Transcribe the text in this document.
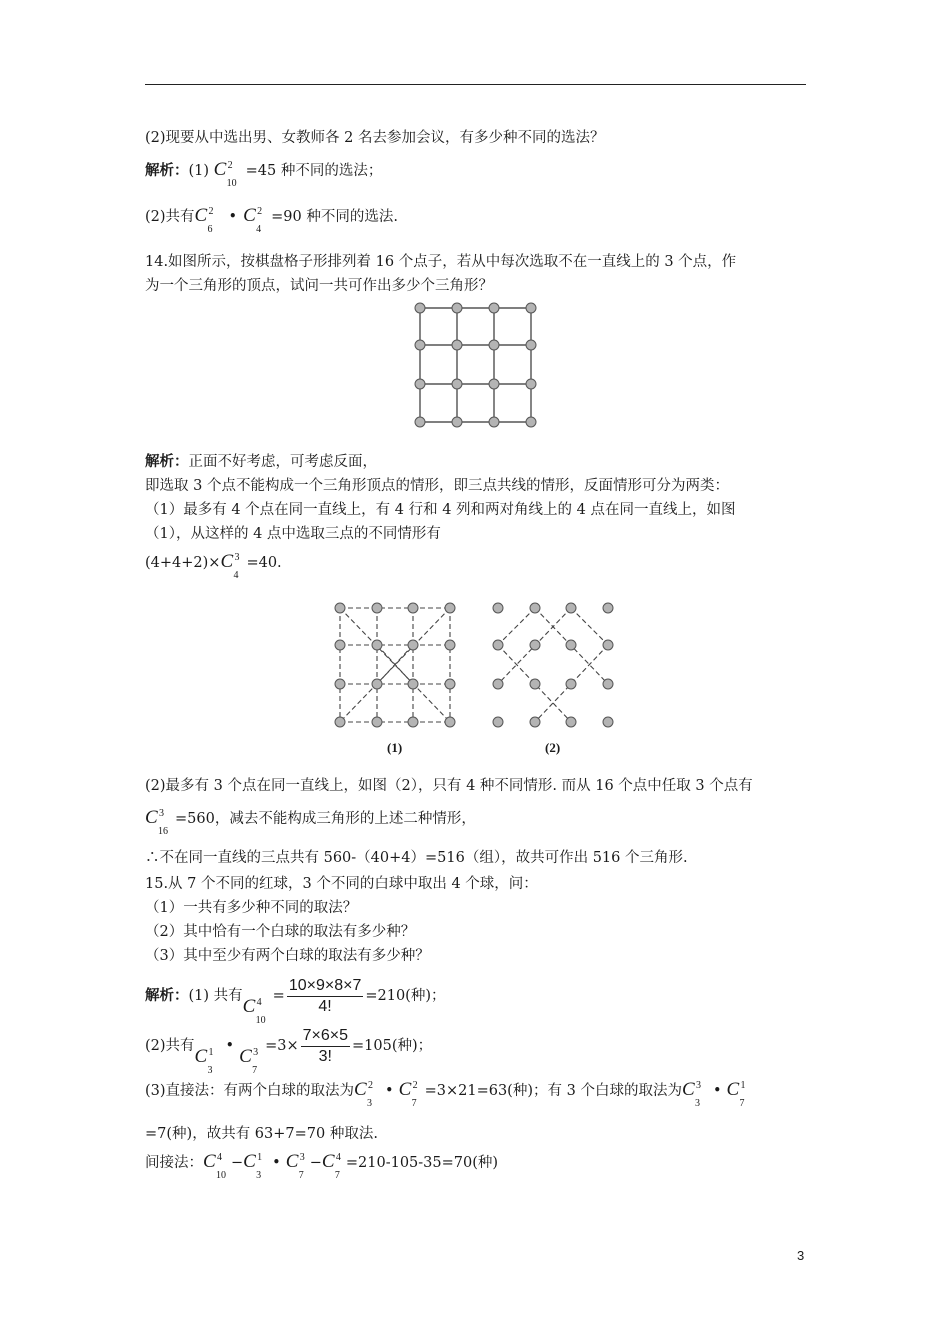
(2)现要从中选出男、女教师各 2 名去参加会议，有多少种不同的选法？
解析：(1) C 2
10
=45 种不同的选法；
(2)共有C 2
6
• C 2
4
=90 种不同的选法.
14.如图所示，按棋盘格子形排列着 16 个点子，若从中每次选取不在一直线上的 3 个点，作
为一个三角形的顶点，试问一共可作出多少个三角形？
解析：正面不好考虑，可考虑反面，
即选取 3 个点不能构成一个三角形顶点的情形，即三点共线的情形，反面情形可分为两类：
（1）最多有 4 个点在同一直线上，有 4 行和 4 列和两对角线上的 4 点在同一直线上，如图
（1），从这样的 4 点中选取三点的不同情形有
(4+4+2)×C 3
4
=40.
(1)	(2)
(2)最多有 3 个点在同一直线上，如图（2），只有 4 种不同情形. 而从 16 个点中任取 3 个点有
C 3
16
=560，减去不能构成三角形的上述二种情形，
∴不在同一直线的三点共有 560-（40+4）=516（组），故共可作出 516 个三角形.
15.从 7 个不同的红球，3 个不同的白球中取出 4 个球，问：
（1）一共有多少种不同的取法？
（2）其中恰有一个白球的取法有多少种？
（3）其中至少有两个白球的取法有多少种？
解析：(1) 共有C 4
10
= $\frac{10\times 9\times 8\times 7}{4!} =210$(种)；
(2)共有C 1
3
• C 3
7
$=3\times \frac{7\times 6\times 5}{3!} =105$(种)；
(3)直接法：有两个白球的取法为C 2
3
• C 2
7
=3×21=63(种)；有 3 个白球的取法为C 3
3
• C 1
7
=7(种)，故共有 63+7=70 种取法.
间接法：C 4
10
−C 1
3
• C 3
7
−C 4
7
=210-105-35=70(种)
3
